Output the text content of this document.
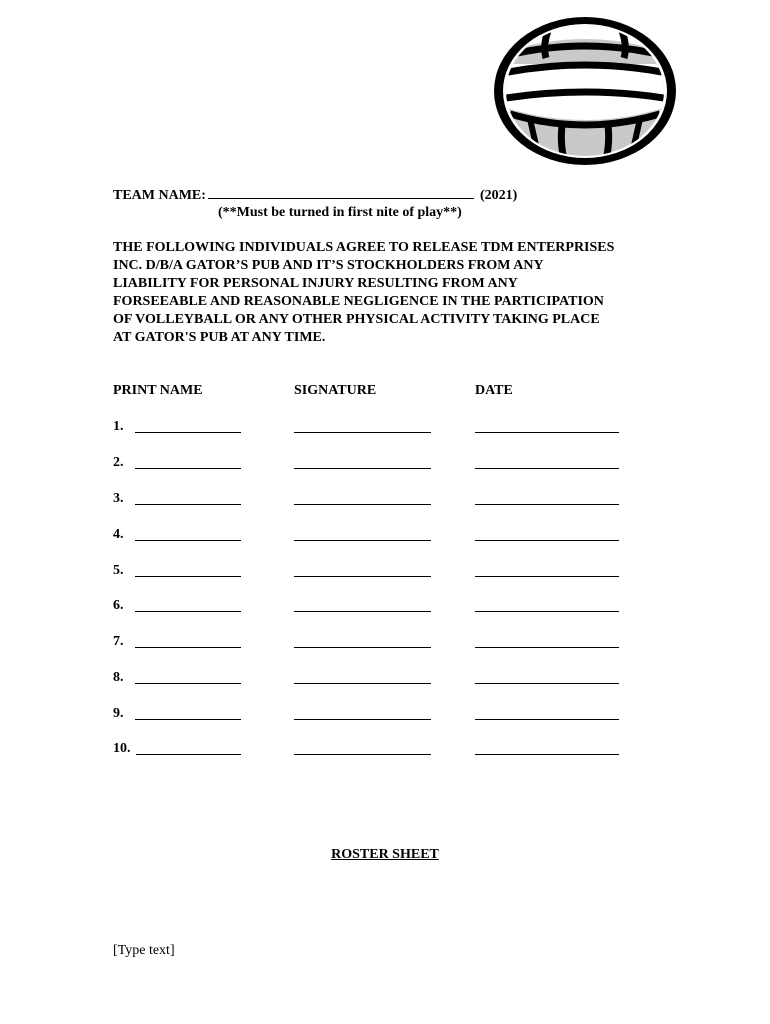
TEAM NAME:	(2021)
(**Must be turned in first nite of play**)

THE FOLLOWING INDIVIDUALS AGREE TO RELEASE TDM ENTERPRISES
INC. D/B/A GATOR’S PUB AND IT’S STOCKHOLDERS FROM ANY
LIABILITY FOR PERSONAL INJURY RESULTING FROM ANY
FORSEEABLE AND REASONABLE NEGLIGENCE IN THE PARTICIPATION
OF VOLLEYBALL OR ANY OTHER PHYSICAL ACTIVITY TAKING PLACE
AT GATOR'S PUB AT ANY TIME.

PRINT NAME	SIGNATURE	DATE
1.
2.
3.
4.
5.
6.
7.
8.
9.
10.
ROSTER SHEET
[Type text]
